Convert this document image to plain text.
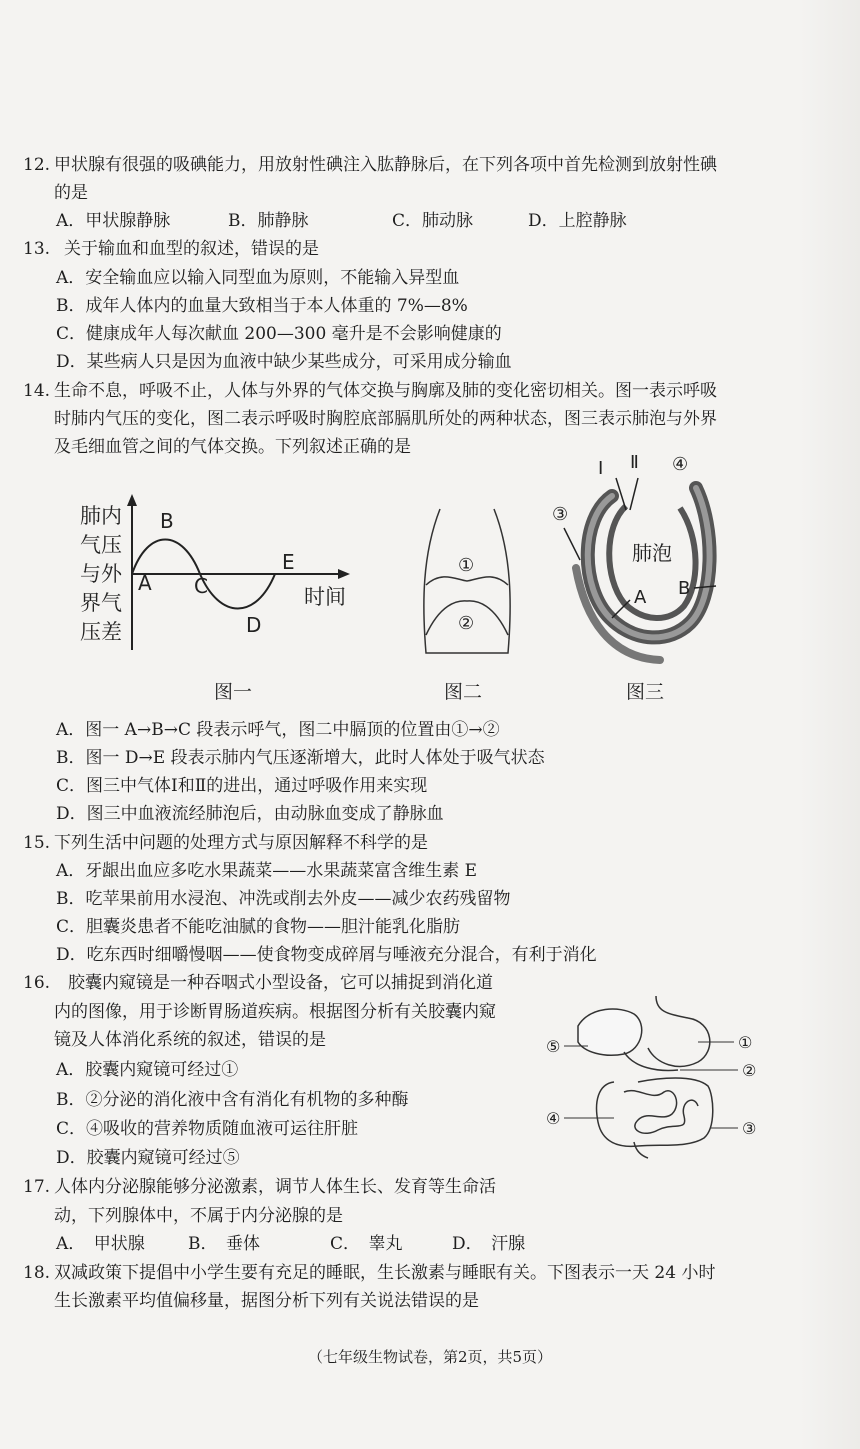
12. 甲状腺有很强的吸碘能力，用放射性碘注入肱静脉后，在下列各项中首先检测到放射性碘
的是
A．甲状腺静脉	B．肺静脉	C．肺动脉	D．上腔静脉
13. 关于输血和血型的叙述，错误的是
A．安全输血应以输入同型血为原则，不能输入异型血
B．成年人体内的血量大致相当于本人体重的 7%—8%
C．健康成年人每次献血 200—300 毫升是不会影响健康的
D．某些病人只是因为血液中缺少某些成分，可采用成分输血
14. 生命不息，呼吸不止，人体与外界的气体交换与胸廓及肺的变化密切相关。图一表示呼吸
时肺内气压的变化，图二表示呼吸时胸腔底部膈肌所处的两种状态，图三表示肺泡与外界
及毛细血管之间的气体交换。下列叙述正确的是
肺内
气压
与外
界气
压差
A
B
C
D
E
时间
图一
①
②
图二
肺泡
I Ⅱ ④
③
A B
图三
A．图一 A→B→C 段表示呼气，图二中膈顶的位置由①→②
B．图一 D→E 段表示肺内气压逐渐增大，此时人体处于吸气状态
C．图三中气体Ⅰ和Ⅱ的进出，通过呼吸作用来实现
D．图三中血液流经肺泡后，由动脉血变成了静脉血
15. 下列生活中问题的处理方式与原因解释不科学的是
A．牙龈出血应多吃水果蔬菜——水果蔬菜富含维生素 E
B．吃苹果前用水浸泡、冲洗或削去外皮——减少农药残留物
C．胆囊炎患者不能吃油腻的食物——胆汁能乳化脂肪
D．吃东西时细嚼慢咽——使食物变成碎屑与唾液充分混合，有利于消化
16. 胶囊内窥镜是一种吞咽式小型设备，它可以捕捉到消化道
内的图像，用于诊断胃肠道疾病。根据图分析有关胶囊内窥
镜及人体消化系统的叙述，错误的是
A．胶囊内窥镜可经过①
B．②分泌的消化液中含有消化有机物的多种酶
C．④吸收的营养物质随血液可运往肝脏
D．胶囊内窥镜可经过⑤
①
②
③
④
⑤
17. 人体内分泌腺能够分泌激素，调节人体生长、发育等生命活
动，下列腺体中，不属于内分泌腺的是
A．　甲状腺	B．　垂体	C．　睾丸	D．　汗腺
18. 双减政策下提倡中小学生要有充足的睡眠，生长激素与睡眠有关。下图表示一天 24 小时
生长激素平均值偏移量，据图分析下列有关说法错误的是
（七年级生物试卷，第2页，共5页）
